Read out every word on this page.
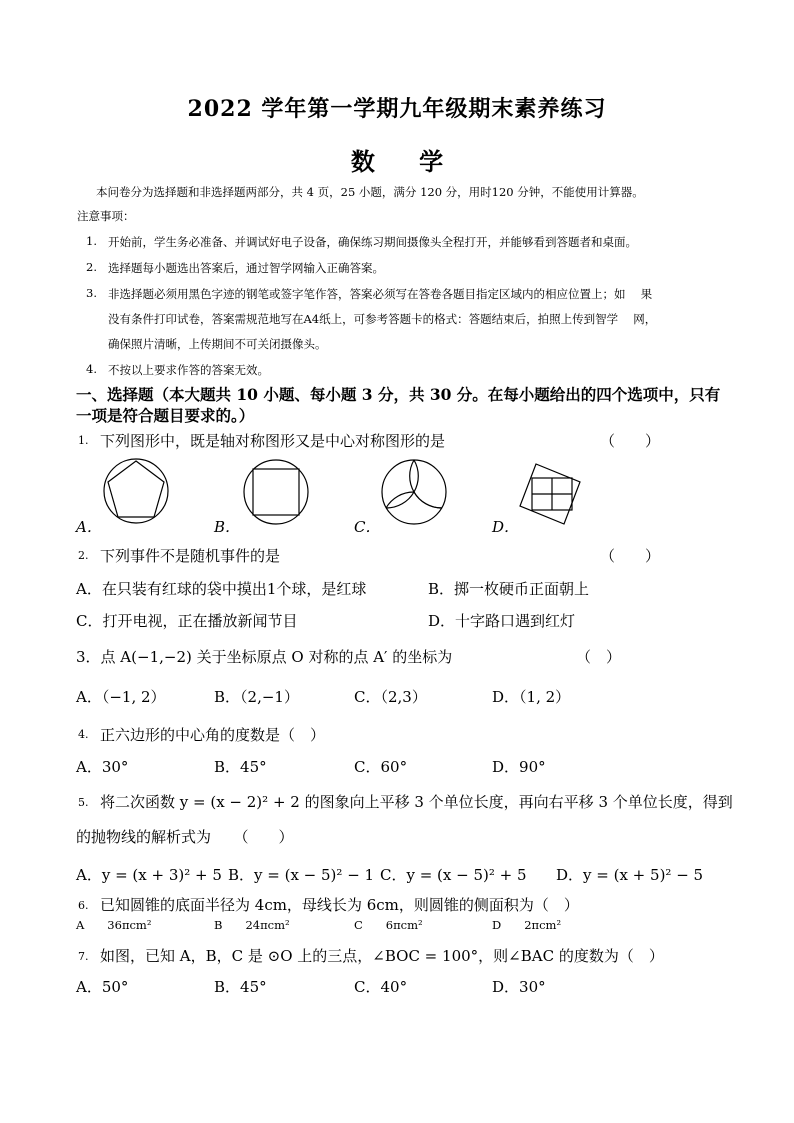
2022 学年第一学期九年级期末素养练习
数 学
本问卷分为选择题和非选择题两部分，共 4 页，25 小题，满分 120 分，用时120 分钟，不能使用计算器。
注意事项：
1. 开始前，学生务必准备、并调试好电子设备，确保练习期间摄像头全程打开，并能够看到答题者和桌面。
2. 选择题每小题选出答案后，通过智学网输入正确答案。
3. 非选择题必须用黑色字迹的钢笔或签字笔作答，答案必须写在答卷各题目指定区域内的相应位置上；如　 果
没有条件打印试卷，答案需规范地写在A4纸上，可参考答题卡的格式：答题结束后，拍照上传到智学　 网，
确保照片清晰，上传期间不可关闭摄像头。
4. 不按以上要求作答的答案无效。
一、选择题（本大题共 10 小题、每小题 3 分，共 30 分。在每小题给出的四个选项中，只有
一项是符合题目要求的。）
1. 下列图形中，既是轴对称图形又是中心对称图形的是	（　　）
A．	B．	C．	D．
2. 下列事件不是随机事件的是	（　　）
A．在只装有红球的袋中摸出1个球，是红球	B．掷一枚硬币正面朝上
C．打开电视，正在播放新闻节目	D．十字路口遇到红灯
3．点 A(−1,−2) 关于坐标原点 O 对称的点 A′ 的坐标为	（　）
A．（−1, 2）	B．（2,−1）	C．（2,3）	D．（1, 2）
4. 正六边形的中心角的度数是（　）
A．30°	B．45°	C．60°	D．90°
5. 将二次函数 y = (x − 2)² + 2 的图象向上平移 3 个单位长度，再向右平移 3 个单位长度，得到
的抛物线的解析式为　　（　　）
A．y = (x + 3)² + 5 B．y = (x − 5)² − 1 C．y = (x − 5)² + 5 D．y = (x + 5)² − 5
6. 已知圆锥的底面半径为 4cm，母线长为 6cm，则圆锥的侧面积为（　）
A　　36πcm²	B　　24πcm²	C　　6πcm²	D　　2πcm²
7. 如图，已知 A，B，C 是 ⊙O 上的三点，∠BOC = 100°，则∠BAC 的度数为（　）
A．50°	B．45°	C．40°	D．30°
